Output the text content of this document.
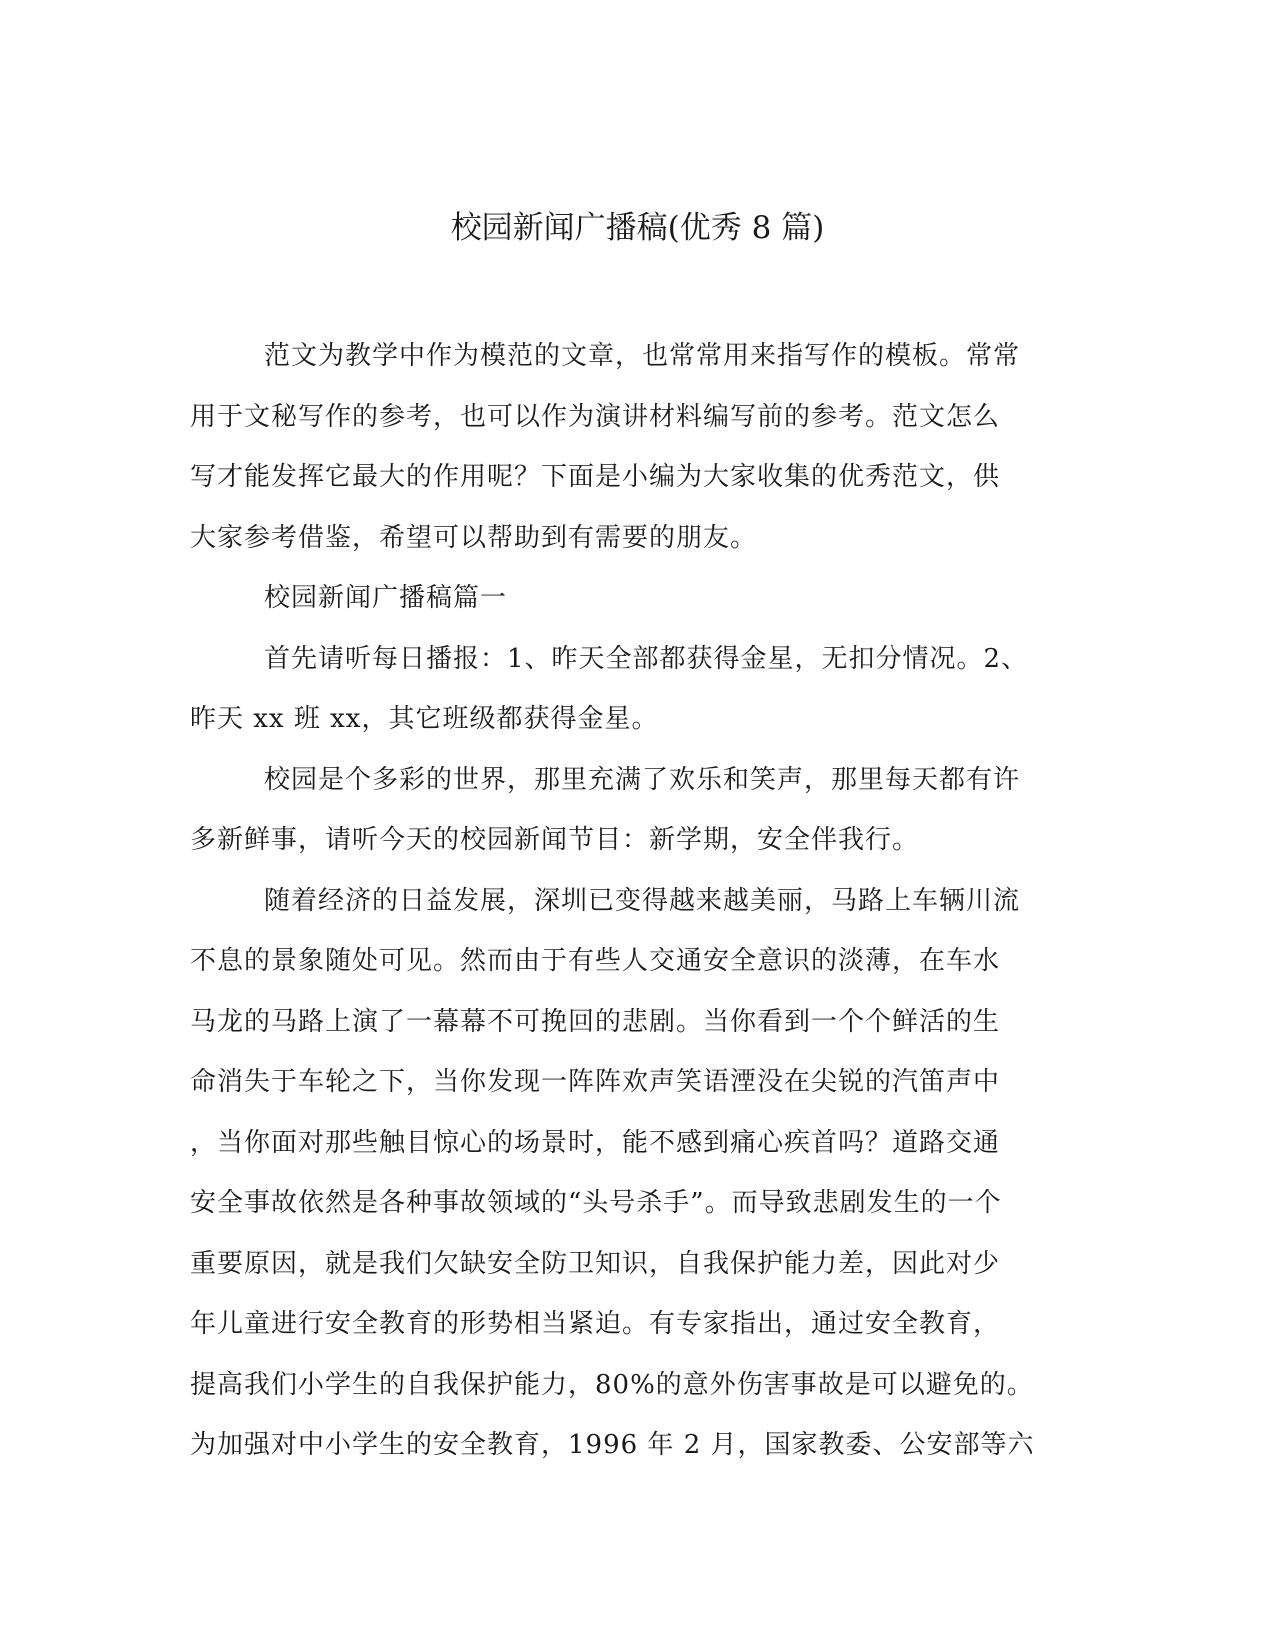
校园新闻广播稿(优秀 8 篇)
范文为教学中作为模范的文章，也常常用来指写作的模板。常常
用于文秘写作的参考，也可以作为演讲材料编写前的参考。范文怎么
写才能发挥它最大的作用呢？下面是小编为大家收集的优秀范文，供
大家参考借鉴，希望可以帮助到有需要的朋友。
校园新闻广播稿篇一
首先请听每日播报：1、昨天全部都获得金星，无扣分情况。2、
昨天 xx 班 xx，其它班级都获得金星。
校园是个多彩的世界，那里充满了欢乐和笑声，那里每天都有许
多新鲜事，请听今天的校园新闻节目：新学期，安全伴我行。
随着经济的日益发展，深圳已变得越来越美丽，马路上车辆川流
不息的景象随处可见。然而由于有些人交通安全意识的淡薄，在车水
马龙的马路上演了一幕幕不可挽回的悲剧。当你看到一个个鲜活的生
命消失于车轮之下，当你发现一阵阵欢声笑语湮没在尖锐的汽笛声中
，当你面对那些触目惊心的场景时，能不感到痛心疾首吗？道路交通
安全事故依然是各种事故领域的“头号杀手”。而导致悲剧发生的一个
重要原因，就是我们欠缺安全防卫知识，自我保护能力差，因此对少
年儿童进行安全教育的形势相当紧迫。有专家指出，通过安全教育，
提高我们小学生的自我保护能力，80%的意外伤害事故是可以避免的。
为加强对中小学生的安全教育，1996 年 2 月，国家教委、公安部等六
